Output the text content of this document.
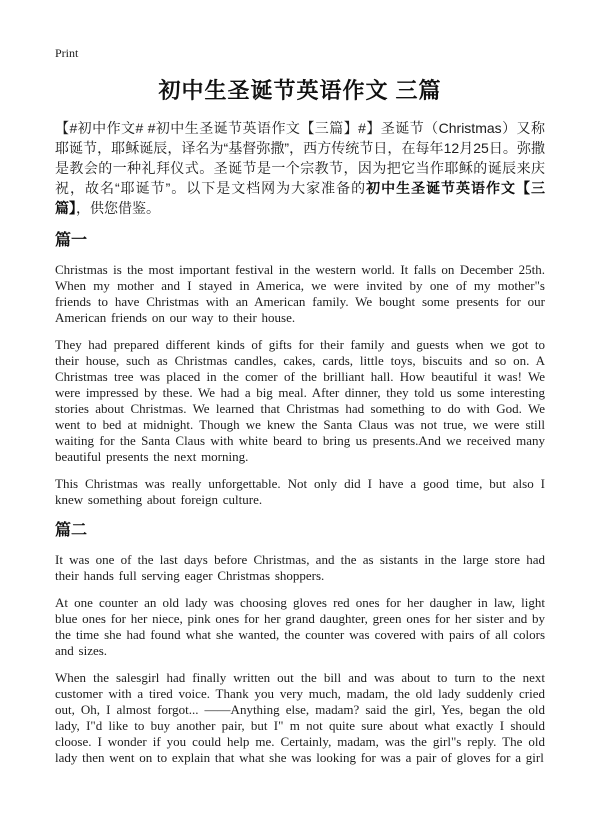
Print
初中生圣诞节英语作文 三篇

【#初中作文# #初中生圣诞节英语作文【三篇】#】圣诞节（Christmas）又称耶诞节，耶稣诞辰，译名为“基督弥撒”，西方传统节日，在每年12月25日。弥撒是教会的一种礼拜仪式。圣诞节是一个宗教节，因为把它当作耶稣的诞辰来庆祝，故名“耶诞节”。以下是文档网为大家准备的初中生圣诞节英语作文【三篇】，供您借鉴。

篇一

Christmas is the most important festival in the western world. It falls on December 25th. When my mother and I stayed in America, we were invited by one of my mother"s friends to have Christmas with an American family. We bought some presents for our American friends on our way to their house.

They had prepared different kinds of gifts for their family and guests when we got to their house, such as Christmas candles, cakes, cards, little toys, biscuits and so on. A Christmas tree was placed in the comer of the brilliant hall. How beautiful it was! We were impressed by these. We had a big meal. After dinner, they told us some interesting stories about Christmas. We learned that Christmas had something to do with God. We went to bed at midnight. Though we knew the Santa Claus was not true, we were still waiting for the Santa Claus with white beard to bring us presents.And we received many beautiful presents the next morning.

This Christmas was really unforgettable. Not only did I have a good time, but also I knew something about foreign culture.

篇二

It was one of the last days before Christmas, and the as sistants in the large store had their hands full serving eager Christmas shoppers.

At one counter an old lady was choosing gloves red ones for her daugher in law, light blue ones for her niece, pink ones for her grand daughter, green ones for her sister and by the time she had found what she wanted, the counter was covered with pairs of all colors and sizes.

When the salesgirl had finally written out the bill and was about to turn to the next customer with a tired voice. Thank you very much, madam, the old lady suddenly cried out, Oh, I almost forgot... ——Anything else, madam? said the girl, Yes, began the old lady, I"d like to buy another pair, but I" m not quite sure about what exactly I should cloose. I wonder if you could help me. Certainly, madam, was the girl"s reply. The old lady then went on to explain that what she was looking for was a pair of gloves for a girl
